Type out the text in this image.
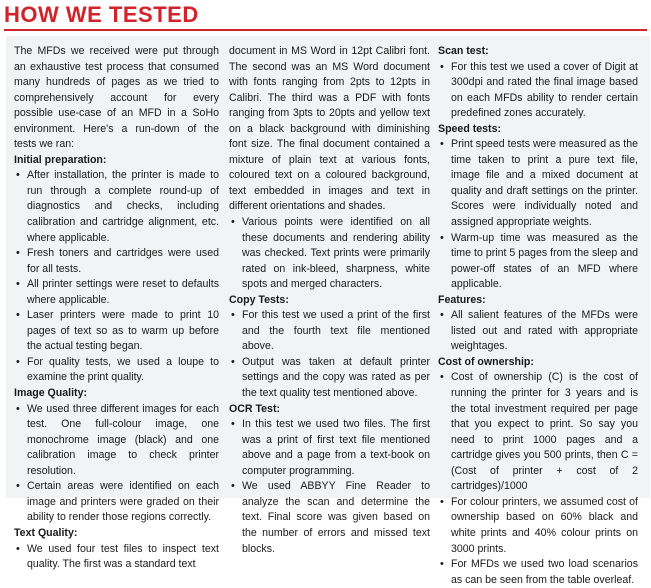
HOW WE TESTED

The MFDs we received were put through an exhaustive test process that consumed many hundreds of pages as we tried to comprehensively account for every possible use-case of an MFD in a SoHo environment. Here's a run-down of the tests we ran:

Initial preparation:
• After installation, the printer is made to run through a complete round-up of diagnostics and checks, including calibration and cartridge alignment, etc. where applicable.
• Fresh toners and cartridges were used for all tests.
• All printer settings were reset to defaults where applicable.
• Laser printers were made to print 10 pages of text so as to warm up before the actual testing began.
• For quality tests, we used a loupe to examine the print quality.
Image Quality:
• We used three different images for each test. One full-colour image, one monochrome image (black) and one calibration image to check printer resolution.
• Certain areas were identified on each image and printers were graded on their ability to render those regions correctly.
Text Quality:
• We used four test files to inspect text quality. The first was a standard text

document in MS Word in 12pt Calibri font. The second was an MS Word document with fonts ranging from 2pts to 12pts in Calibri. The third was a PDF with fonts ranging from 3pts to 20pts and yellow text on a black background with diminishing font size. The final document contained a mixture of plain text at various fonts, coloured text on a coloured background, text embedded in images and text in different orientations and shades.

• Various points were identified on all these documents and rendering ability was checked. Text prints were primarily rated on ink-bleed, sharpness, white spots and merged characters.
Copy Tests:
• For this test we used a print of the first and the fourth text file mentioned above.
• Output was taken at default printer settings and the copy was rated as per the text quality test mentioned above.
OCR Test:
• In this test we used two files. The first was a print of first text file mentioned above and a page from a text-book on computer programming.
• We used ABBYY Fine Reader to analyze the scan and determine the text. Final score was given based on the number of errors and missed text blocks.
Scan test:
• For this test we used a cover of Digit at 300dpi and rated the final image based on each MFDs ability to render certain predefined zones accurately.
Speed tests:
• Print speed tests were measured as the time taken to print a pure text file, image file and a mixed document at quality and draft settings on the printer. Scores were individually noted and assigned appropriate weights.
• Warm-up time was measured as the time to print 5 pages from the sleep and power-off states of an MFD where applicable.
Features:
• All salient features of the MFDs were listed out and rated with appropriate weightages.
Cost of ownership:
• Cost of ownership (C) is the cost of running the printer for 3 years and is the total investment required per page that you expect to print. So say you need to print 1000 pages and a cartridge gives you 500 prints, then C = (Cost of printer + cost of 2 cartridges)/1000
• For colour printers, we assumed cost of ownership based on 60% black and white prints and 40% colour prints on 3000 prints.
• For MFDs we used two load scenarios as can be seen from the table overleaf.
